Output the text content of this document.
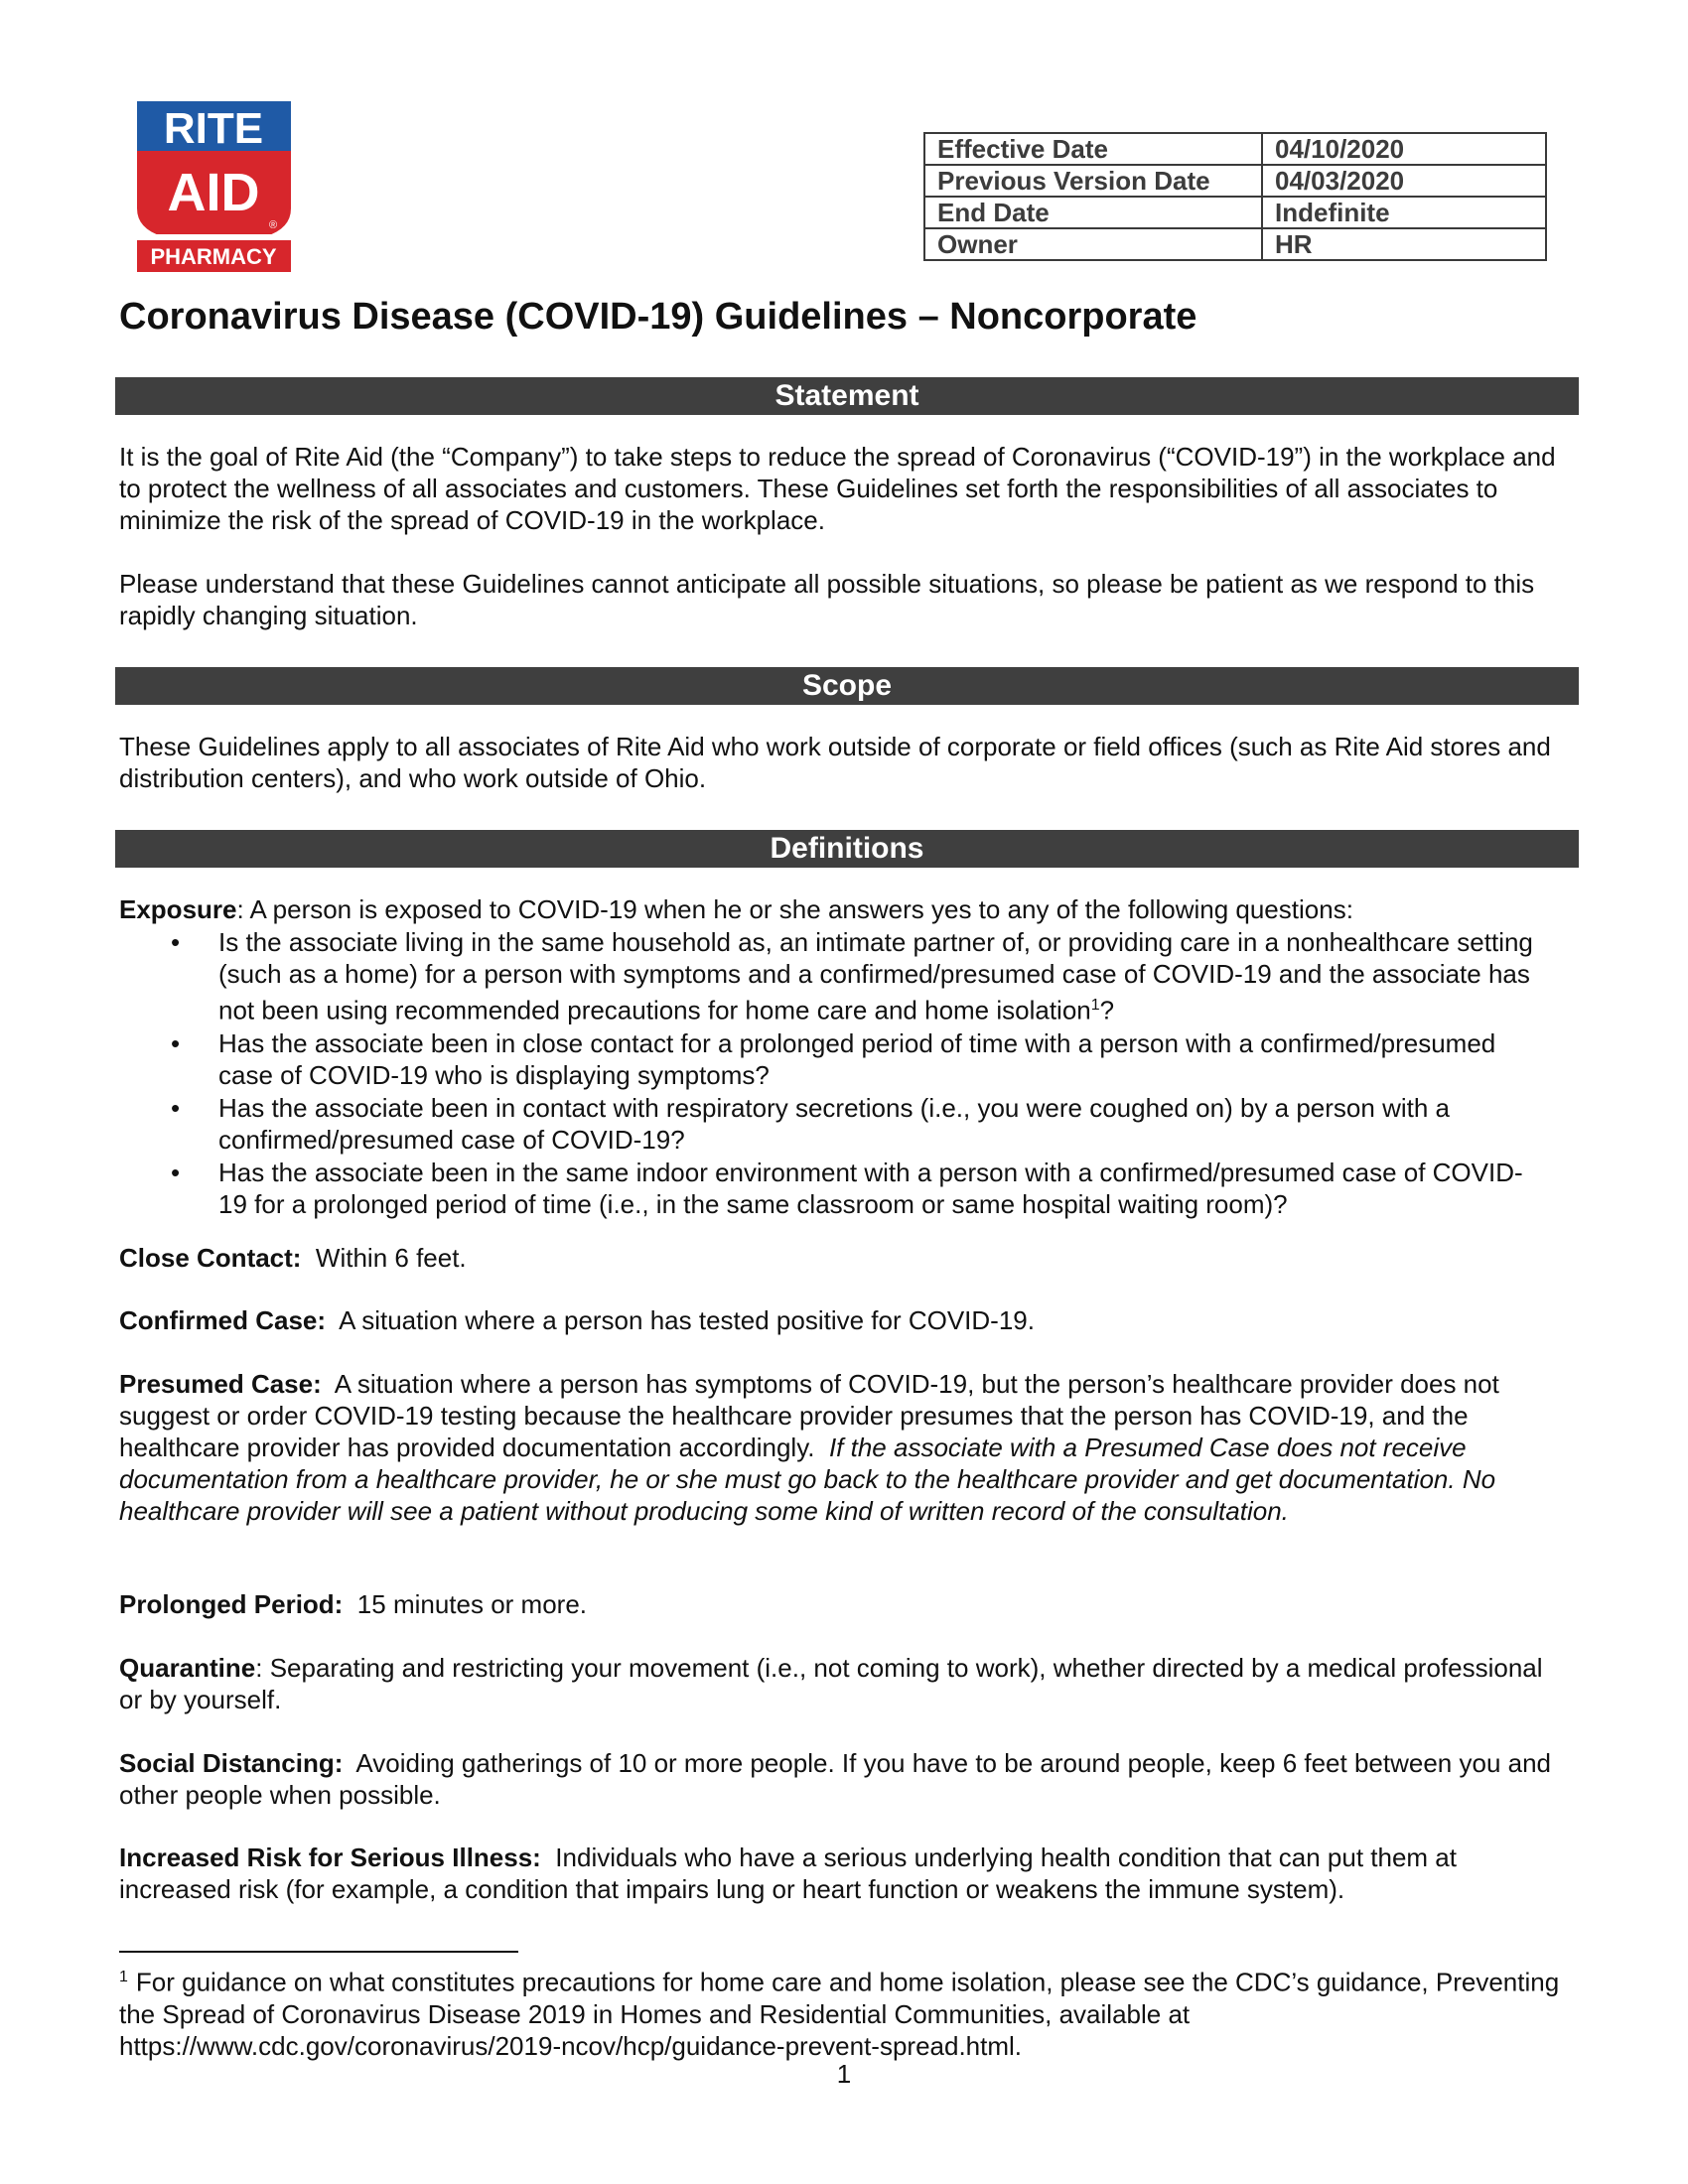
RITE
AID
®
PHARMACY
Effective Date	04/10/2020
Previous Version Date	04/03/2020
End Date	Indefinite
Owner	HR
Coronavirus Disease (COVID-19) Guidelines – Noncorporate
Statement

It is the goal of Rite Aid (the “Company”) to take steps to reduce the spread of Coronavirus (“COVID-19”) in the workplace and to protect the wellness of all associates and customers. These Guidelines set forth the responsibilities of all associates to minimize the risk of the spread of COVID-19 in the workplace.

Please understand that these Guidelines cannot anticipate all possible situations, so please be patient as we respond to this rapidly changing situation.

Scope

These Guidelines apply to all associates of Rite Aid who work outside of corporate or field offices (such as Rite Aid stores and distribution centers), and who work outside of Ohio.

Definitions

Exposure: A person is exposed to COVID-19 when he or she answers yes to any of the following questions:

• Is the associate living in the same household as, an intimate partner of, or providing care in a nonhealthcare setting (such as a home) for a person with symptoms and a confirmed/presumed case of COVID-19 and the associate has not been using recommended precautions for home care and home isolation$^1$?
• Has the associate been in close contact for a prolonged period of time with a person with a confirmed/presumed case of COVID-19 who is displaying symptoms?
• Has the associate been in contact with respiratory secretions (i.e., you were coughed on) by a person with a confirmed/presumed case of COVID-19?
• Has the associate been in the same indoor environment with a person with a confirmed/presumed case of COVID-19 for a prolonged period of time (i.e., in the same classroom or same hospital waiting room)?

Close Contact: Within 6 feet.

Confirmed Case: A situation where a person has tested positive for COVID-19.

Presumed Case: A situation where a person has symptoms of COVID-19, but the person’s healthcare provider does not suggest or order COVID-19 testing because the healthcare provider presumes that the person has COVID-19, and the healthcare provider has provided documentation accordingly. If the associate with a Presumed Case does not receive documentation from a healthcare provider, he or she must go back to the healthcare provider and get documentation. No healthcare provider will see a patient without producing some kind of written record of the consultation.

Prolonged Period: 15 minutes or more.

Quarantine: Separating and restricting your movement (i.e., not coming to work), whether directed by a medical professional or by yourself.

Social Distancing: Avoiding gatherings of 10 or more people. If you have to be around people, keep 6 feet between you and other people when possible.

Increased Risk for Serious Illness: Individuals who have a serious underlying health condition that can put them at increased risk (for example, a condition that impairs lung or heart function or weakens the immune system).

$^1$ For guidance on what constitutes precautions for home care and home isolation, please see the CDC’s guidance, Preventing the Spread of Coronavirus Disease 2019 in Homes and Residential Communities, available at https://www.cdc.gov/coronavirus/2019-ncov/hcp/guidance-prevent-spread.html.

1
